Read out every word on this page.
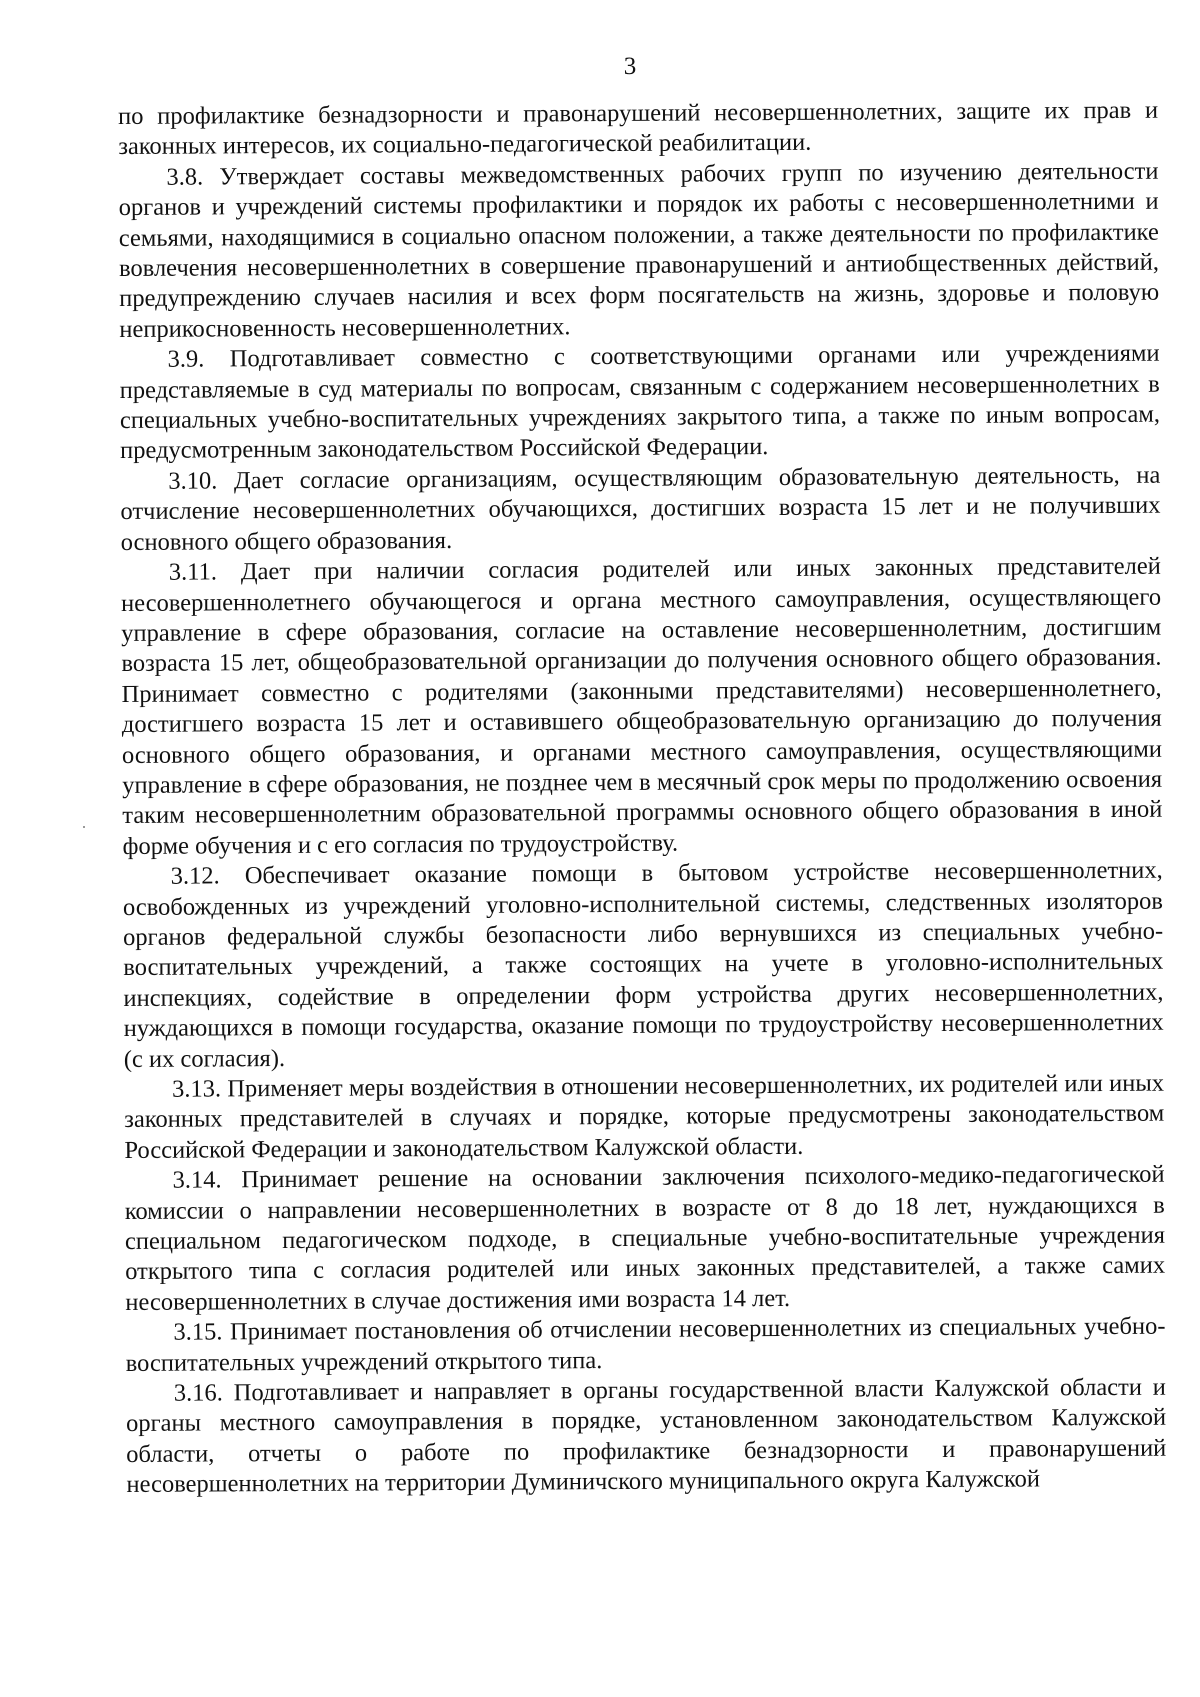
3

по профилактике безнадзорности и правонарушений несовершеннолетних, защите их прав и законных интересов, их социально-педагогической реабилитации.

3.8. Утверждает составы межведомственных рабочих групп по изучению деятельности органов и учреждений системы профилактики и порядок их работы с несовершеннолетними и семьями, находящимися в социально опасном положении, а также деятельности по профилактике вовлечения несовершеннолетних в совершение правонарушений и антиобщественных действий, предупреждению случаев насилия и всех форм посягательств на жизнь, здоровье и половую неприкосновенность несовершеннолетних.

3.9. Подготавливает совместно с соответствующими органами или учреждениями представляемые в суд материалы по вопросам, связанным с содержанием несовершеннолетних в специальных учебно-воспитательных учреждениях закрытого типа, а также по иным вопросам, предусмотренным законодательством Российской Федерации.

3.10. Дает согласие организациям, осуществляющим образовательную деятельность, на отчисление несовершеннолетних обучающихся, достигших возраста 15 лет и не получивших основного общего образования.

3.11. Дает при наличии согласия родителей или иных законных представителей несовершеннолетнего обучающегося и органа местного самоуправления, осуществляющего управление в сфере образования, согласие на оставление несовершеннолетним, достигшим возраста 15 лет, общеобразовательной организации до получения основного общего образования. Принимает совместно с родителями (законными представителями) несовершеннолетнего, достигшего возраста 15 лет и оставившего общеобразовательную организацию до получения основного общего образования, и органами местного самоуправления, осуществляющими управление в сфере образования, не позднее чем в месячный срок меры по продолжению освоения таким несовершеннолетним образовательной программы основного общего образования в иной форме обучения и с его согласия по трудоустройству.

3.12. Обеспечивает оказание помощи в бытовом устройстве несовершеннолетних, освобожденных из учреждений уголовно-исполнительной системы, следственных изоляторов органов федеральной службы безопасности либо вернувшихся из специальных учебно-воспитательных учреждений, а также состоящих на учете в уголовно-исполнительных инспекциях, содействие в определении форм устройства других несовершеннолетних, нуждающихся в помощи государства, оказание помощи по трудоустройству несовершеннолетних (с их согласия).

3.13. Применяет меры воздействия в отношении несовершеннолетних, их родителей или иных законных представителей в случаях и порядке, которые предусмотрены законодательством Российской Федерации и законодательством Калужской области.

3.14. Принимает решение на основании заключения психолого-медико-педагогической комиссии о направлении несовершеннолетних в возрасте от 8 до 18 лет, нуждающихся в специальном педагогическом подходе, в специальные учебно-воспитательные учреждения открытого типа с согласия родителей или иных законных представителей, а также самих несовершеннолетних в случае достижения ими возраста 14 лет.

3.15. Принимает постановления об отчислении несовершеннолетних из специальных учебно-воспитательных учреждений открытого типа.

3.16. Подготавливает и направляет в органы государственной власти Калужской области и органы местного самоуправления в порядке, установленном законодательством Калужской области, отчеты о работе по профилактике безнадзорности и правонарушений несовершеннолетних на территории Думиничского муниципального округа Калужской
